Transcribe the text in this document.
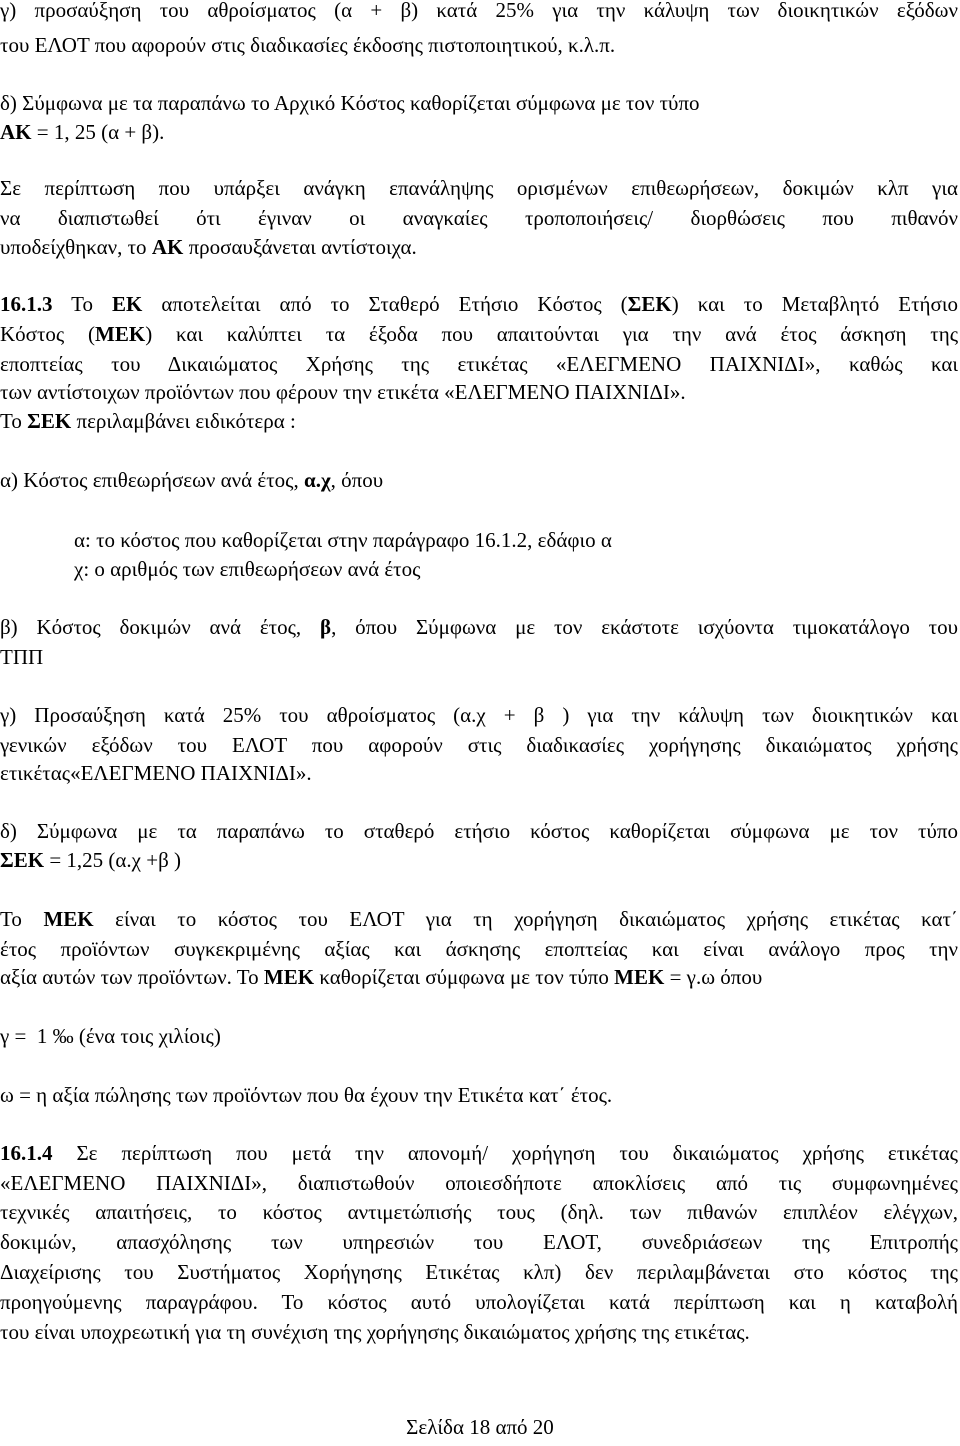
γ) προσαύξηση του αθροίσματος (α + β) κατά 25% για την κάλυψη των διοικητικών εξόδων
του ΕΛΟΤ που αφορούν στις διαδικασίες έκδοσης πιστοποιητικού, κ.λ.π.
δ) Σύμφωνα με τα παραπάνω το Αρχικό Κόστος καθορίζεται σύμφωνα με τον τύπο
ΑΚ = 1, 25 (α + β).
Σε περίπτωση που υπάρξει ανάγκη επανάληψης ορισμένων επιθεωρήσεων, δοκιμών κλπ για
να διαπιστωθεί ότι έγιναν οι αναγκαίες τροποποιήσεις/ διορθώσεις που πιθανόν
υποδείχθηκαν, το ΑΚ προσαυξάνεται αντίστοιχα.
16.1.3 Το ΕΚ αποτελείται από το Σταθερό Ετήσιο Κόστος (ΣΕΚ) και το Μεταβλητό Ετήσιο
Κόστος (ΜΕΚ) και καλύπτει τα έξοδα που απαιτούνται για την ανά έτος άσκηση της
εποπτείας του Δικαιώματος Χρήσης της ετικέτας «ΕΛΕΓΜΕΝΟ ΠΑΙΧΝΙΔΙ», καθώς και
των αντίστοιχων προϊόντων που φέρουν την ετικέτα «ΕΛΕΓΜΕΝΟ ΠΑΙΧΝΙΔΙ».
Το ΣΕΚ περιλαμβάνει ειδικότερα :
α) Κόστος επιθεωρήσεων ανά έτος, α.χ, όπου
α: το κόστος που καθορίζεται στην παράγραφο 16.1.2, εδάφιο α
χ: ο αριθμός των επιθεωρήσεων ανά έτος
β) Κόστος δοκιμών ανά έτος, β, όπου Σύμφωνα με τον εκάστοτε ισχύοντα τιμοκατάλογο του
ΤΠΠ
γ) Προσαύξηση κατά 25% του αθροίσματος (α.χ + β ) για την κάλυψη των διοικητικών και
γενικών εξόδων του ΕΛΟΤ που αφορούν στις διαδικασίες χορήγησης δικαιώματος χρήσης
ετικέτας«ΕΛΕΓΜΕΝΟ ΠΑΙΧΝΙΔΙ».
δ) Σύμφωνα με τα παραπάνω το σταθερό ετήσιο κόστος καθορίζεται σύμφωνα με τον τύπο
ΣΕΚ = 1,25 (α.χ +β )
Το ΜΕΚ είναι το κόστος του ΕΛΟΤ για τη χορήγηση δικαιώματος χρήσης ετικέτας κατ΄
έτος προϊόντων συγκεκριμένης αξίας και άσκησης εποπτείας και είναι ανάλογο προς την
αξία αυτών των προϊόντων. Το ΜΕΚ καθορίζεται σύμφωνα με τον τύπο ΜΕΚ = γ.ω όπου
γ =  1 ‰ (ένα τοις χιλίοις)
ω = η αξία πώλησης των προϊόντων που θα έχουν την Ετικέτα κατ΄ έτος.
16.1.4 Σε περίπτωση που μετά την απονομή/ χορήγηση του δικαιώματος χρήσης ετικέτας
«ΕΛΕΓΜΕΝΟ ΠΑΙΧΝΙΔΙ», διαπιστωθούν οποιεσδήποτε αποκλίσεις από τις συμφωνημένες
τεχνικές απαιτήσεις, το κόστος αντιμετώπισής τους (δηλ. των πιθανών επιπλέον ελέγχων,
δοκιμών, απασχόλησης των υπηρεσιών του ΕΛΟΤ, συνεδριάσεων της Επιτροπής
Διαχείρισης του Συστήματος Χορήγησης Ετικέτας κλπ) δεν περιλαμβάνεται στο κόστος της
προηγούμενης παραγράφου. Το κόστος αυτό υπολογίζεται κατά περίπτωση και η καταβολή
του είναι υποχρεωτική για τη συνέχιση της χορήγησης δικαιώματος χρήσης της ετικέτας.
Σελίδα 18 από 20
